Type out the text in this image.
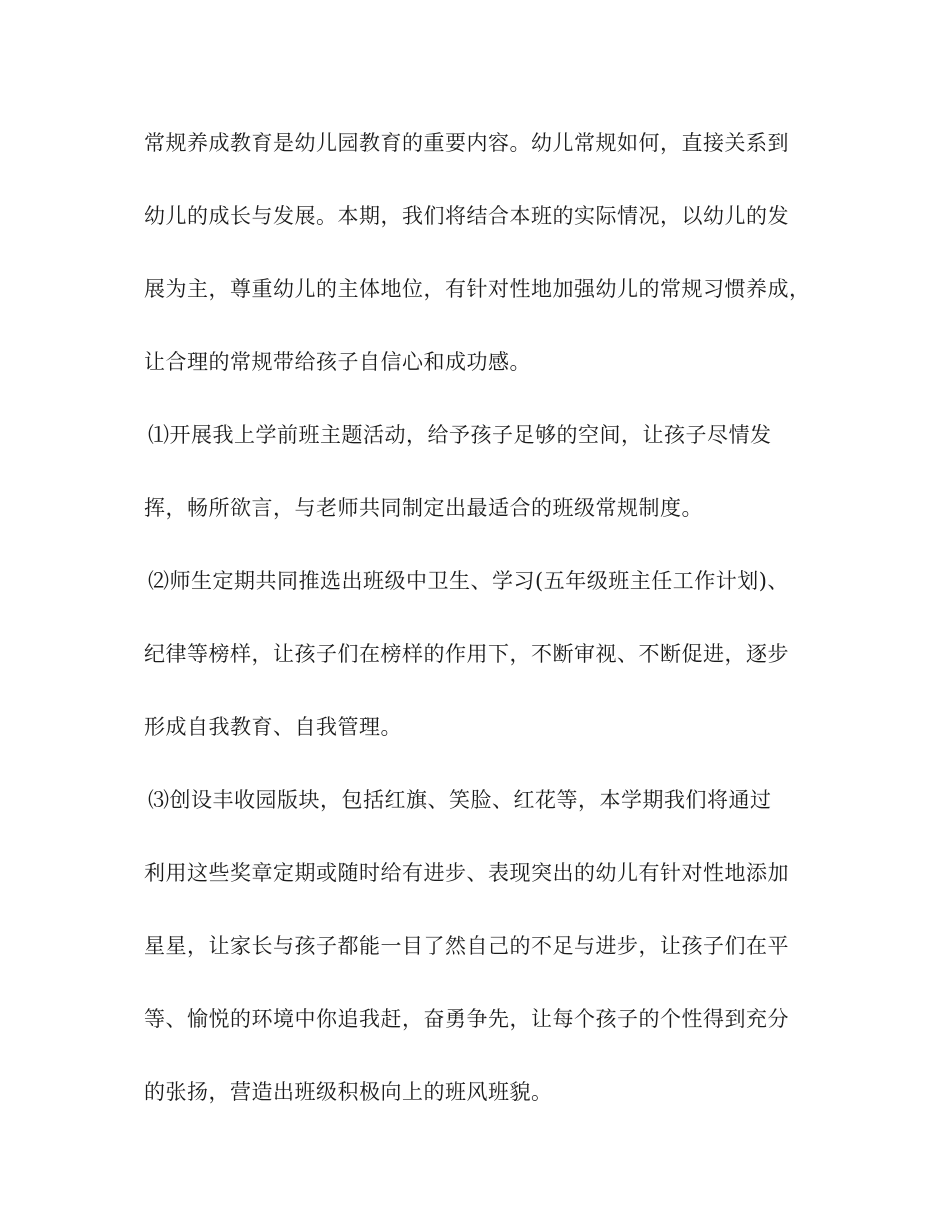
常规养成教育是幼儿园教育的重要内容。幼儿常规如何，直接关系到

幼儿的成长与发展。本期，我们将结合本班的实际情况，以幼儿的发

展为主，尊重幼儿的主体地位，有针对性地加强幼儿的常规习惯养成，

让合理的常规带给孩子自信心和成功感。

⑴开展我上学前班主题活动，给予孩子足够的空间，让孩子尽情发

挥，畅所欲言，与老师共同制定出最适合的班级常规制度。

⑵师生定期共同推选出班级中卫生、学习(五年级班主任工作计划)、

纪律等榜样，让孩子们在榜样的作用下，不断审视、不断促进，逐步

形成自我教育、自我管理。

⑶创设丰收园版块，包括红旗、笑脸、红花等，本学期我们将通过

利用这些奖章定期或随时给有进步、表现突出的幼儿有针对性地添加

星星，让家长与孩子都能一目了然自己的不足与进步，让孩子们在平

等、愉悦的环境中你追我赶，奋勇争先，让每个孩子的个性得到充分

的张扬，营造出班级积极向上的班风班貌。
